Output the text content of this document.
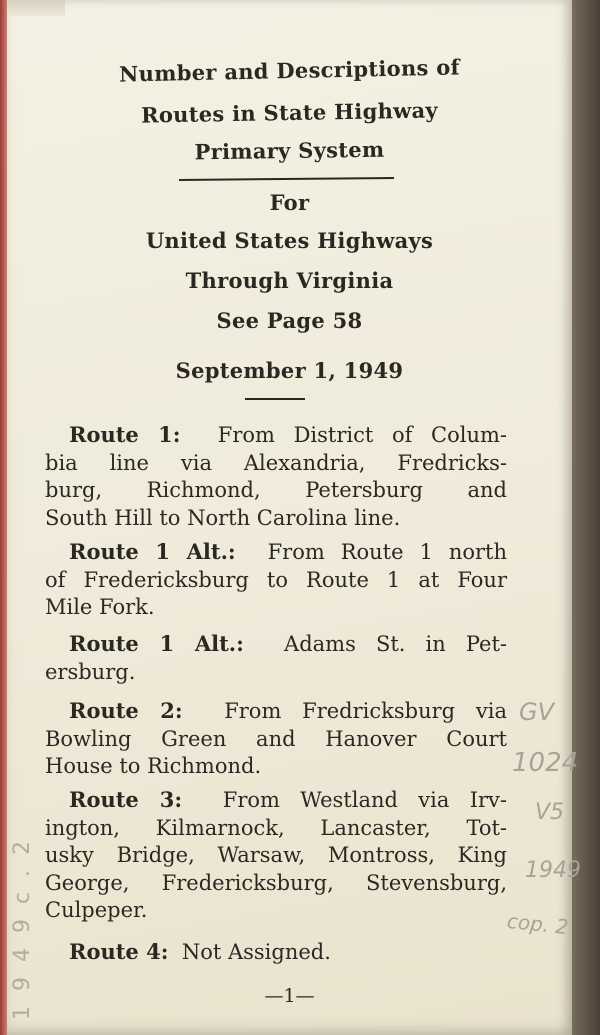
Number and Descriptions of
Routes in State Highway
Primary System
For
United States Highways
Through Virginia
See Page 58
September 1, 1949
Route 1: From District of Colum-
bia line via Alexandria, Fredricks-
burg, Richmond, Petersburg and
South Hill to North Carolina line.
Route 1 Alt.: From Route 1 north
of Fredericksburg to Route 1 at Four
Mile Fork.
Route 1 Alt.: Adams St. in Pet-
ersburg.
Route 2: From Fredricksburg via
Bowling Green and Hanover Court
House to Richmond.
Route 3: From Westland via Irv-
ington, Kilmarnock, Lancaster, Tot-
usky Bridge, Warsaw, Montross, King
George, Fredericksburg, Stevensburg,
Culpeper.
Route 4: Not Assigned.
—1—
GV
1024
V5
1949
cop. 2
1 9 4 9 c . 2
